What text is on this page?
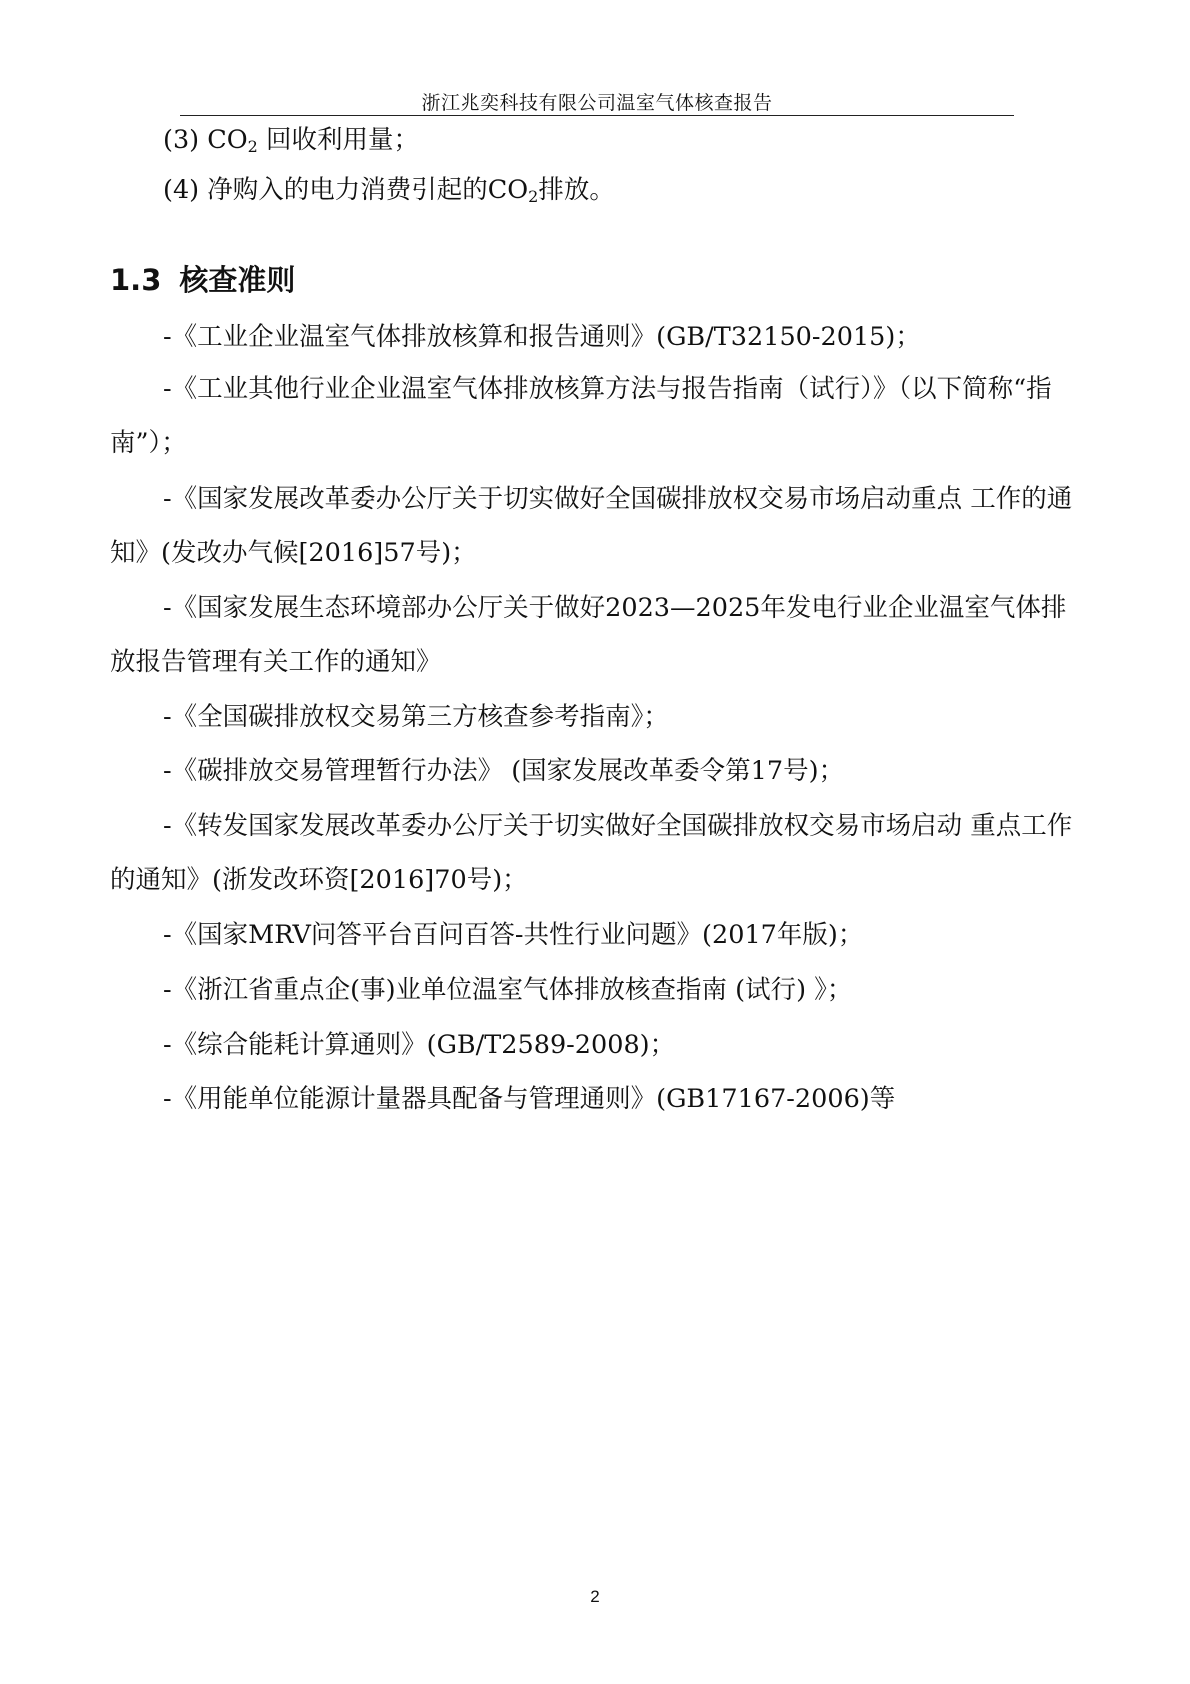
浙江兆奕科技有限公司温室气体核查报告
(3) $CO_2$ 回收利用量；
(4) 净购入的电力消费引起的$CO_2$排放。
1.3 核查准则
-《工业企业温室气体排放核算和报告通则》(GB/T32150-2015)；
-《工业其他行业企业温室气体排放核算方法与报告指南（试行）》（以下简称“指南”）；
-《国家发展改革委办公厅关于切实做好全国碳排放权交易市场启动重点 工作的通知》(发改办气候[2016]57号)；
-《国家发展生态环境部办公厅关于做好2023—2025年发电行业企业温室气体排放报告管理有关工作的通知》
-《全国碳排放权交易第三方核查参考指南》；
-《碳排放交易管理暂行办法》 (国家发展改革委令第17号)；
-《转发国家发展改革委办公厅关于切实做好全国碳排放权交易市场启动 重点工作的通知》(浙发改环资[2016]70号)；
-《国家MRV问答平台百问百答-共性行业问题》(2017年版)；
-《浙江省重点企(事)业单位温室气体排放核查指南 (试行) 》；
-《综合能耗计算通则》(GB/T2589-2008)；
-《用能单位能源计量器具配备与管理通则》(GB17167-2006)等
2
